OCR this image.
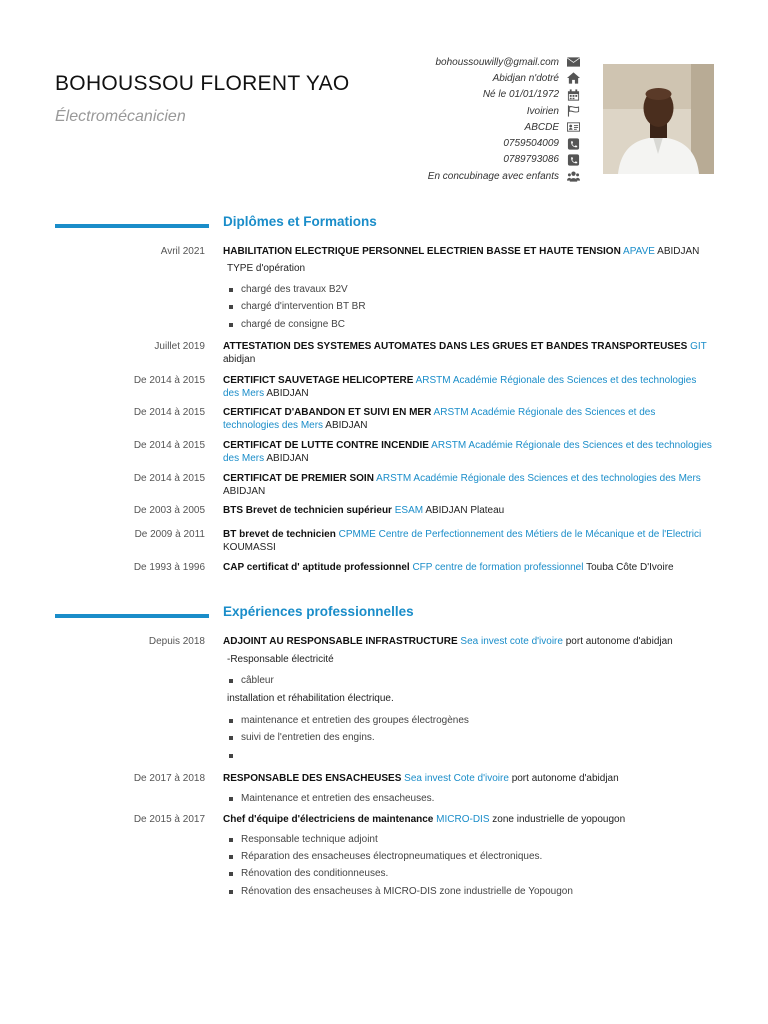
BOHOUSSOU FLORENT YAO
Électromécanicien
bohoussouwilly@gmail.com
Abidjan n'dotré
Né le 01/01/1972
Ivoirien
ABCDE
0759504009
0789793086
En concubinage avec enfants
Diplômes et Formations
Avril 2021 HABILITATION ELECTRIQUE PERSONNEL ELECTRIEN BASSE ET HAUTE TENSION APAVE ABIDJAN
TYPE d'opération
chargé des travaux B2V
chargé d'intervention BT BR
chargé de consigne BC
Juillet 2019 ATTESTATION DES SYSTEMES AUTOMATES DANS LES GRUES ET BANDES TRANSPORTEUSES GIT abidjan
De 2014 à 2015 CERTIFICT SAUVETAGE HELICOPTERE ARSTM Académie Régionale des Sciences et des technologies des Mers ABIDJAN
De 2014 à 2015 CERTIFICAT D'ABANDON ET SUIVI EN MER ARSTM Académie Régionale des Sciences et des technologies des Mers ABIDJAN
De 2014 à 2015 CERTIFICAT DE LUTTE CONTRE INCENDIE ARSTM Académie Régionale des Sciences et des technologies des Mers ABIDJAN
De 2014 à 2015 CERTIFICAT DE PREMIER SOIN ARSTM Académie Régionale des Sciences et des technologies des Mers ABIDJAN
De 2003 à 2005 BTS Brevet de technicien supérieur ESAM ABIDJAN Plateau
De 2009 à 2011 BT brevet de technicien CPMME Centre de Perfectionnement des Métiers de le Mécanique et de l'Electrici KOUMASSI
De 1993 à 1996 CAP certificat d' aptitude professionnel CFP centre de formation professionnel Touba Côte D'Ivoire
Expériences professionnelles
Depuis 2018 ADJOINT AU RESPONSABLE INFRASTRUCTURE Sea invest cote d'ivoire port autonome d'abidjan
-Responsable électricité
câbleur
installation et réhabilitation électrique.
maintenance et entretien des groupes électrogènes
suivi de l'entretien des engins.
De 2017 à 2018 RESPONSABLE DES ENSACHEUSES Sea invest Cote d'ivoire port autonome d'abidjan
Maintenance et entretien des ensacheuses.
De 2015 à 2017 Chef d'équipe d'électriciens de maintenance MICRO-DIS zone industrielle de yopougon
Responsable technique adjoint
Réparation des ensacheuses électropneumatiques et électroniques.
Rénovation des conditionneuses.
Rénovation des ensacheuses à MICRO-DIS zone industrielle de Yopougon
